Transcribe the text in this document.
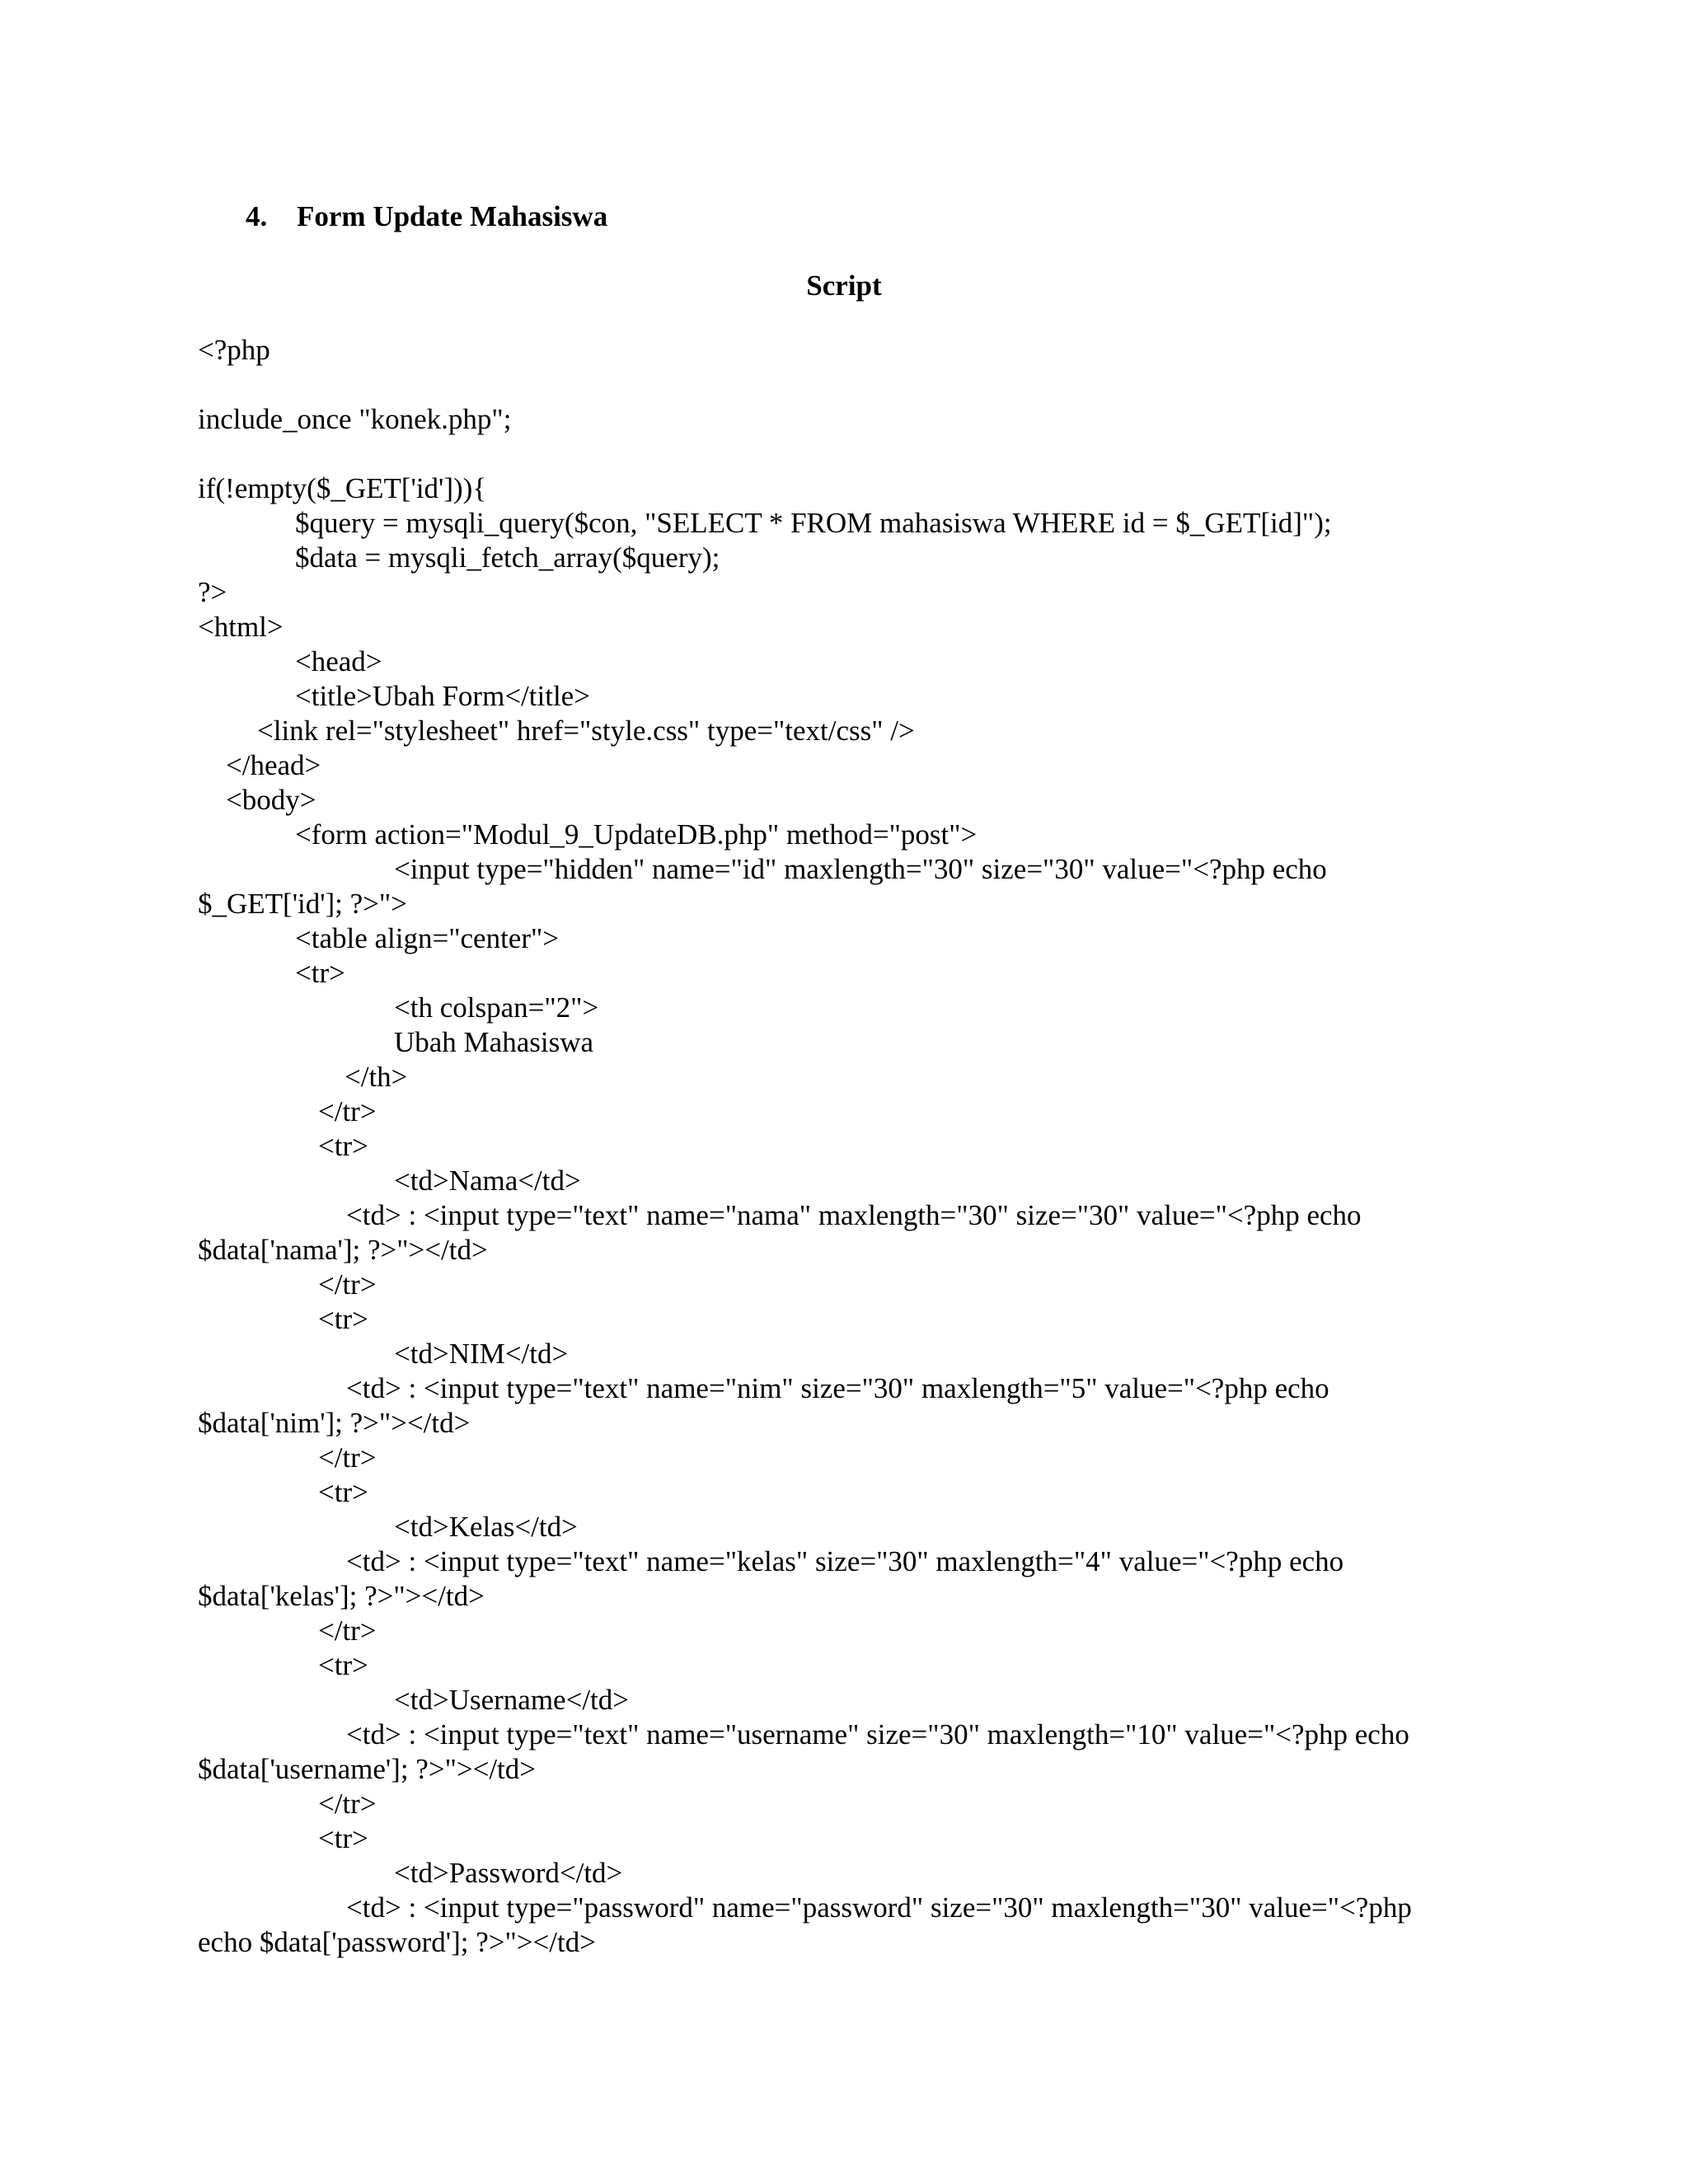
4. Form Update Mahasiswa
Script
<?php
include_once "konek.php";
if(!empty($_GET['id'])){
$query = mysqli_query($con, "SELECT * FROM mahasiswa WHERE id = $_GET[id]");
$data = mysqli_fetch_array($query);
?>
<html>
<head>
<title>Ubah Form</title>
<link rel="stylesheet" href="style.css" type="text/css" />
</head>
<body>
<form action="Modul_9_UpdateDB.php" method="post">
<input type="hidden" name="id" maxlength="30" size="30" value="<?php echo
$_GET['id']; ?>">
<table align="center">
<tr>
<th colspan="2">
Ubah Mahasiswa
</th>
</tr>
<tr>
<td>Nama</td>
<td> : <input type="text" name="nama" maxlength="30" size="30" value="<?php echo
$data['nama']; ?>"></td>
</tr>
<tr>
<td>NIM</td>
<td> : <input type="text" name="nim" size="30" maxlength="5" value="<?php echo
$data['nim']; ?>"></td>
</tr>
<tr>
<td>Kelas</td>
<td> : <input type="text" name="kelas" size="30" maxlength="4" value="<?php echo
$data['kelas']; ?>"></td>
</tr>
<tr>
<td>Username</td>
<td> : <input type="text" name="username" size="30" maxlength="10" value="<?php echo
$data['username']; ?>"></td>
</tr>
<tr>
<td>Password</td>
<td> : <input type="password" name="password" size="30" maxlength="30" value="<?php
echo $data['password']; ?>"></td>
